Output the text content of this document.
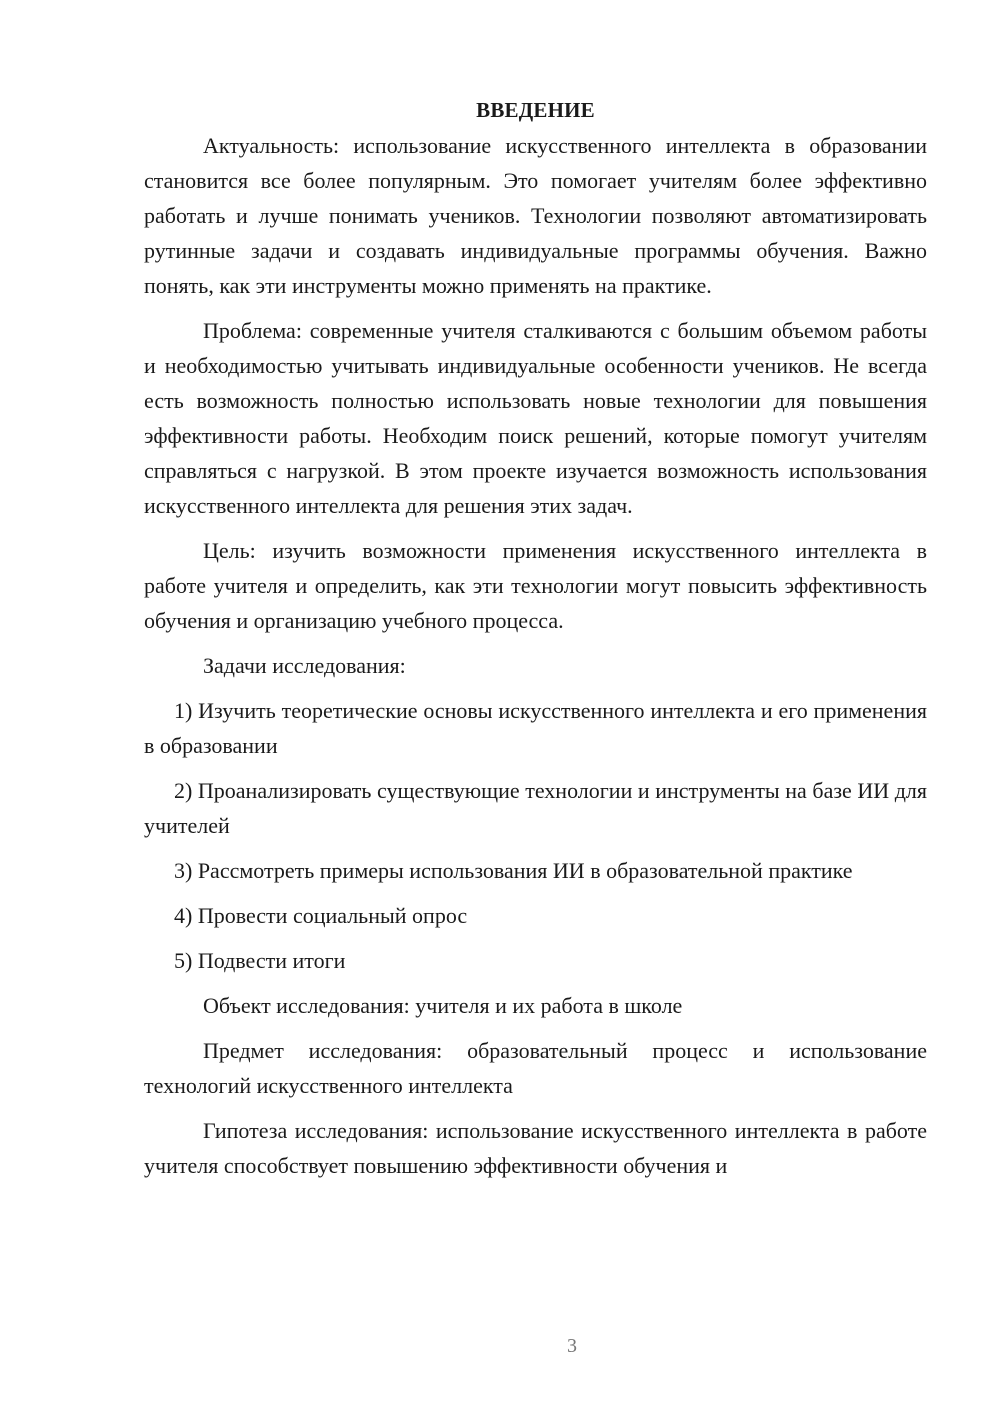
ВВЕДЕНИЕ

Актуальность: использование искусственного интеллекта в образовании становится все более популярным. Это помогает учителям более эффективно работать и лучше понимать учеников. Технологии позволяют автоматизировать рутинные задачи и создавать индивидуальные программы обучения. Важно понять, как эти инструменты можно применять на практике.

Проблема: современные учителя сталкиваются с большим объемом работы и необходимостью учитывать индивидуальные особенности учеников. Не всегда есть возможность полностью использовать новые технологии для повышения эффективности работы. Необходим поиск решений, которые помогут учителям справляться с нагрузкой. В этом проекте изучается возможность использования искусственного интеллекта для решения этих задач.

Цель: изучить возможности применения искусственного интеллекта в работе учителя и определить, как эти технологии могут повысить эффективность обучения и организацию учебного процесса.

Задачи исследования:

1) Изучить теоретические основы искусственного интеллекта и его применения в образовании

2) Проанализировать существующие технологии и инструменты на базе ИИ для учителей

3) Рассмотреть примеры использования ИИ в образовательной практике

4) Провести социальный опрос

5) Подвести итоги

Объект исследования: учителя и их работа в школе

Предмет исследования: образовательный процесс и использование технологий искусственного интеллекта

Гипотеза исследования: использование искусственного интеллекта в работе учителя способствует повышению эффективности обучения и

3
